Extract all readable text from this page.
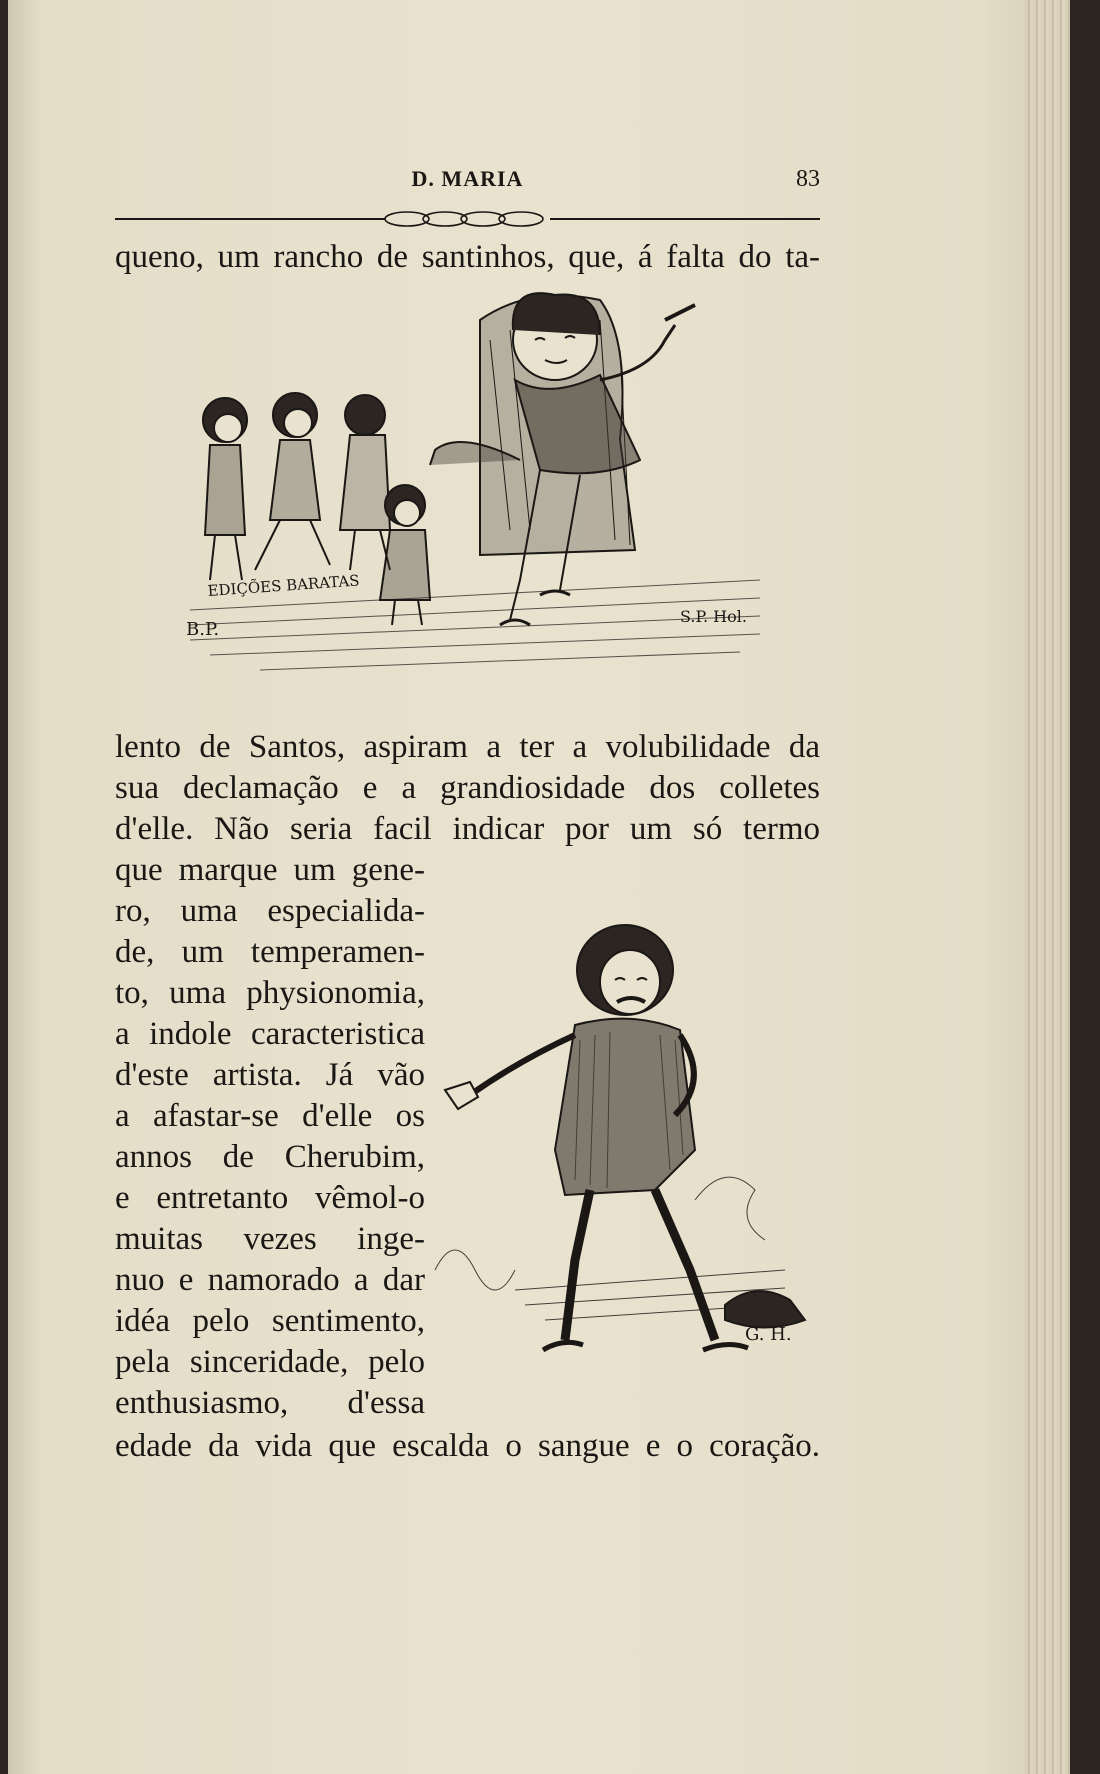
D. MARIA	83

queno, um rancho de santinhos, que, á falta do ta-

EDIÇÕES BARATAS
B.P.
S.P. Hol.

lento de Santos, aspiram a ter a volubilidade da

sua declamação e a grandiosidade dos colletes

d'elle. Não seria facil indicar por um só termo

que marque um gene-

ro, uma especialida-

de, um temperamen-

to, uma physionomia,

a indole caracteristica

d'este artista. Já vão

a afastar-se d'elle os

annos de Cherubim,

e entretanto vêmol-o

muitas vezes inge-

nuo e namorado a dar

idéa pelo sentimento,

pela sinceridade, pelo

enthusiasmo, d'essa

G. H.

edade da vida que escalda o sangue e o coração.
